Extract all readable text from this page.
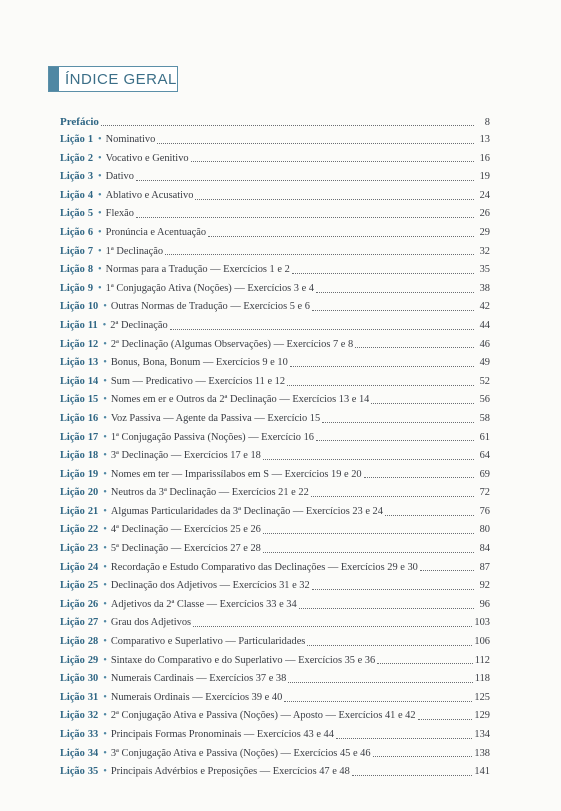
ÍNDICE GERAL
Prefácio	8
Lição 1 • Nominativo	13
Lição 2 • Vocativo e Genitivo	16
Lição 3 • Dativo	19
Lição 4 • Ablativo e Acusativo	24
Lição 5 • Flexão	26
Lição 6 • Pronúncia e Acentuação	29
Lição 7 • 1ª Declinação	32
Lição 8 • Normas para a Tradução — Exercícios 1 e 2	35
Lição 9 • 1ª Conjugação Ativa (Noções) — Exercícios 3 e 4	38
Lição 10 • Outras Normas de Tradução — Exercícios 5 e 6	42
Lição 11 • 2ª Declinação	44
Lição 12 • 2ª Declinação (Algumas Observações) — Exercícios 7 e 8	46
Lição 13 • Bonus, Bona, Bonum — Exercícios 9 e 10	49
Lição 14 • Sum — Predicativo — Exercícios 11 e 12	52
Lição 15 • Nomes em er e Outros da 2ª Declinação — Exercícios 13 e 14	56
Lição 16 • Voz Passiva — Agente da Passiva — Exercício 15	58
Lição 17 • 1ª Conjugação Passiva (Noções) — Exercício 16	61
Lição 18 • 3ª Declinação — Exercícios 17 e 18	64
Lição 19 • Nomes em ter — Imparissílabos em S — Exercícios 19 e 20	69
Lição 20 • Neutros da 3ª Declinação — Exercícios 21 e 22	72
Lição 21 • Algumas Particularidades da 3ª Declinação — Exercícios 23 e 24	76
Lição 22 • 4ª Declinação — Exercícios 25 e 26	80
Lição 23 • 5ª Declinação — Exercícios 27 e 28	84
Lição 24 • Recordação e Estudo Comparativo das Declinações — Exercícios 29 e 30	87
Lição 25 • Declinação dos Adjetivos — Exercícios 31 e 32	92
Lição 26 • Adjetivos da 2ª Classe — Exercícios 33 e 34	96
Lição 27 • Grau dos Adjetivos	103
Lição 28 • Comparativo e Superlativo — Particularidades	106
Lição 29 • Sintaxe do Comparativo e do Superlativo — Exercícios 35 e 36	112
Lição 30 • Numerais Cardinais — Exercícios 37 e 38	118
Lição 31 • Numerais Ordinais — Exercícios 39 e 40	125
Lição 32 • 2ª Conjugação Ativa e Passiva (Noções) — Aposto — Exercícios 41 e 42	129
Lição 33 • Principais Formas Pronominais — Exercícios 43 e 44	134
Lição 34 • 3ª Conjugação Ativa e Passiva (Noções) — Exercícios 45 e 46	138
Lição 35 • Principais Advérbios e Preposições — Exercícios 47 e 48	141
